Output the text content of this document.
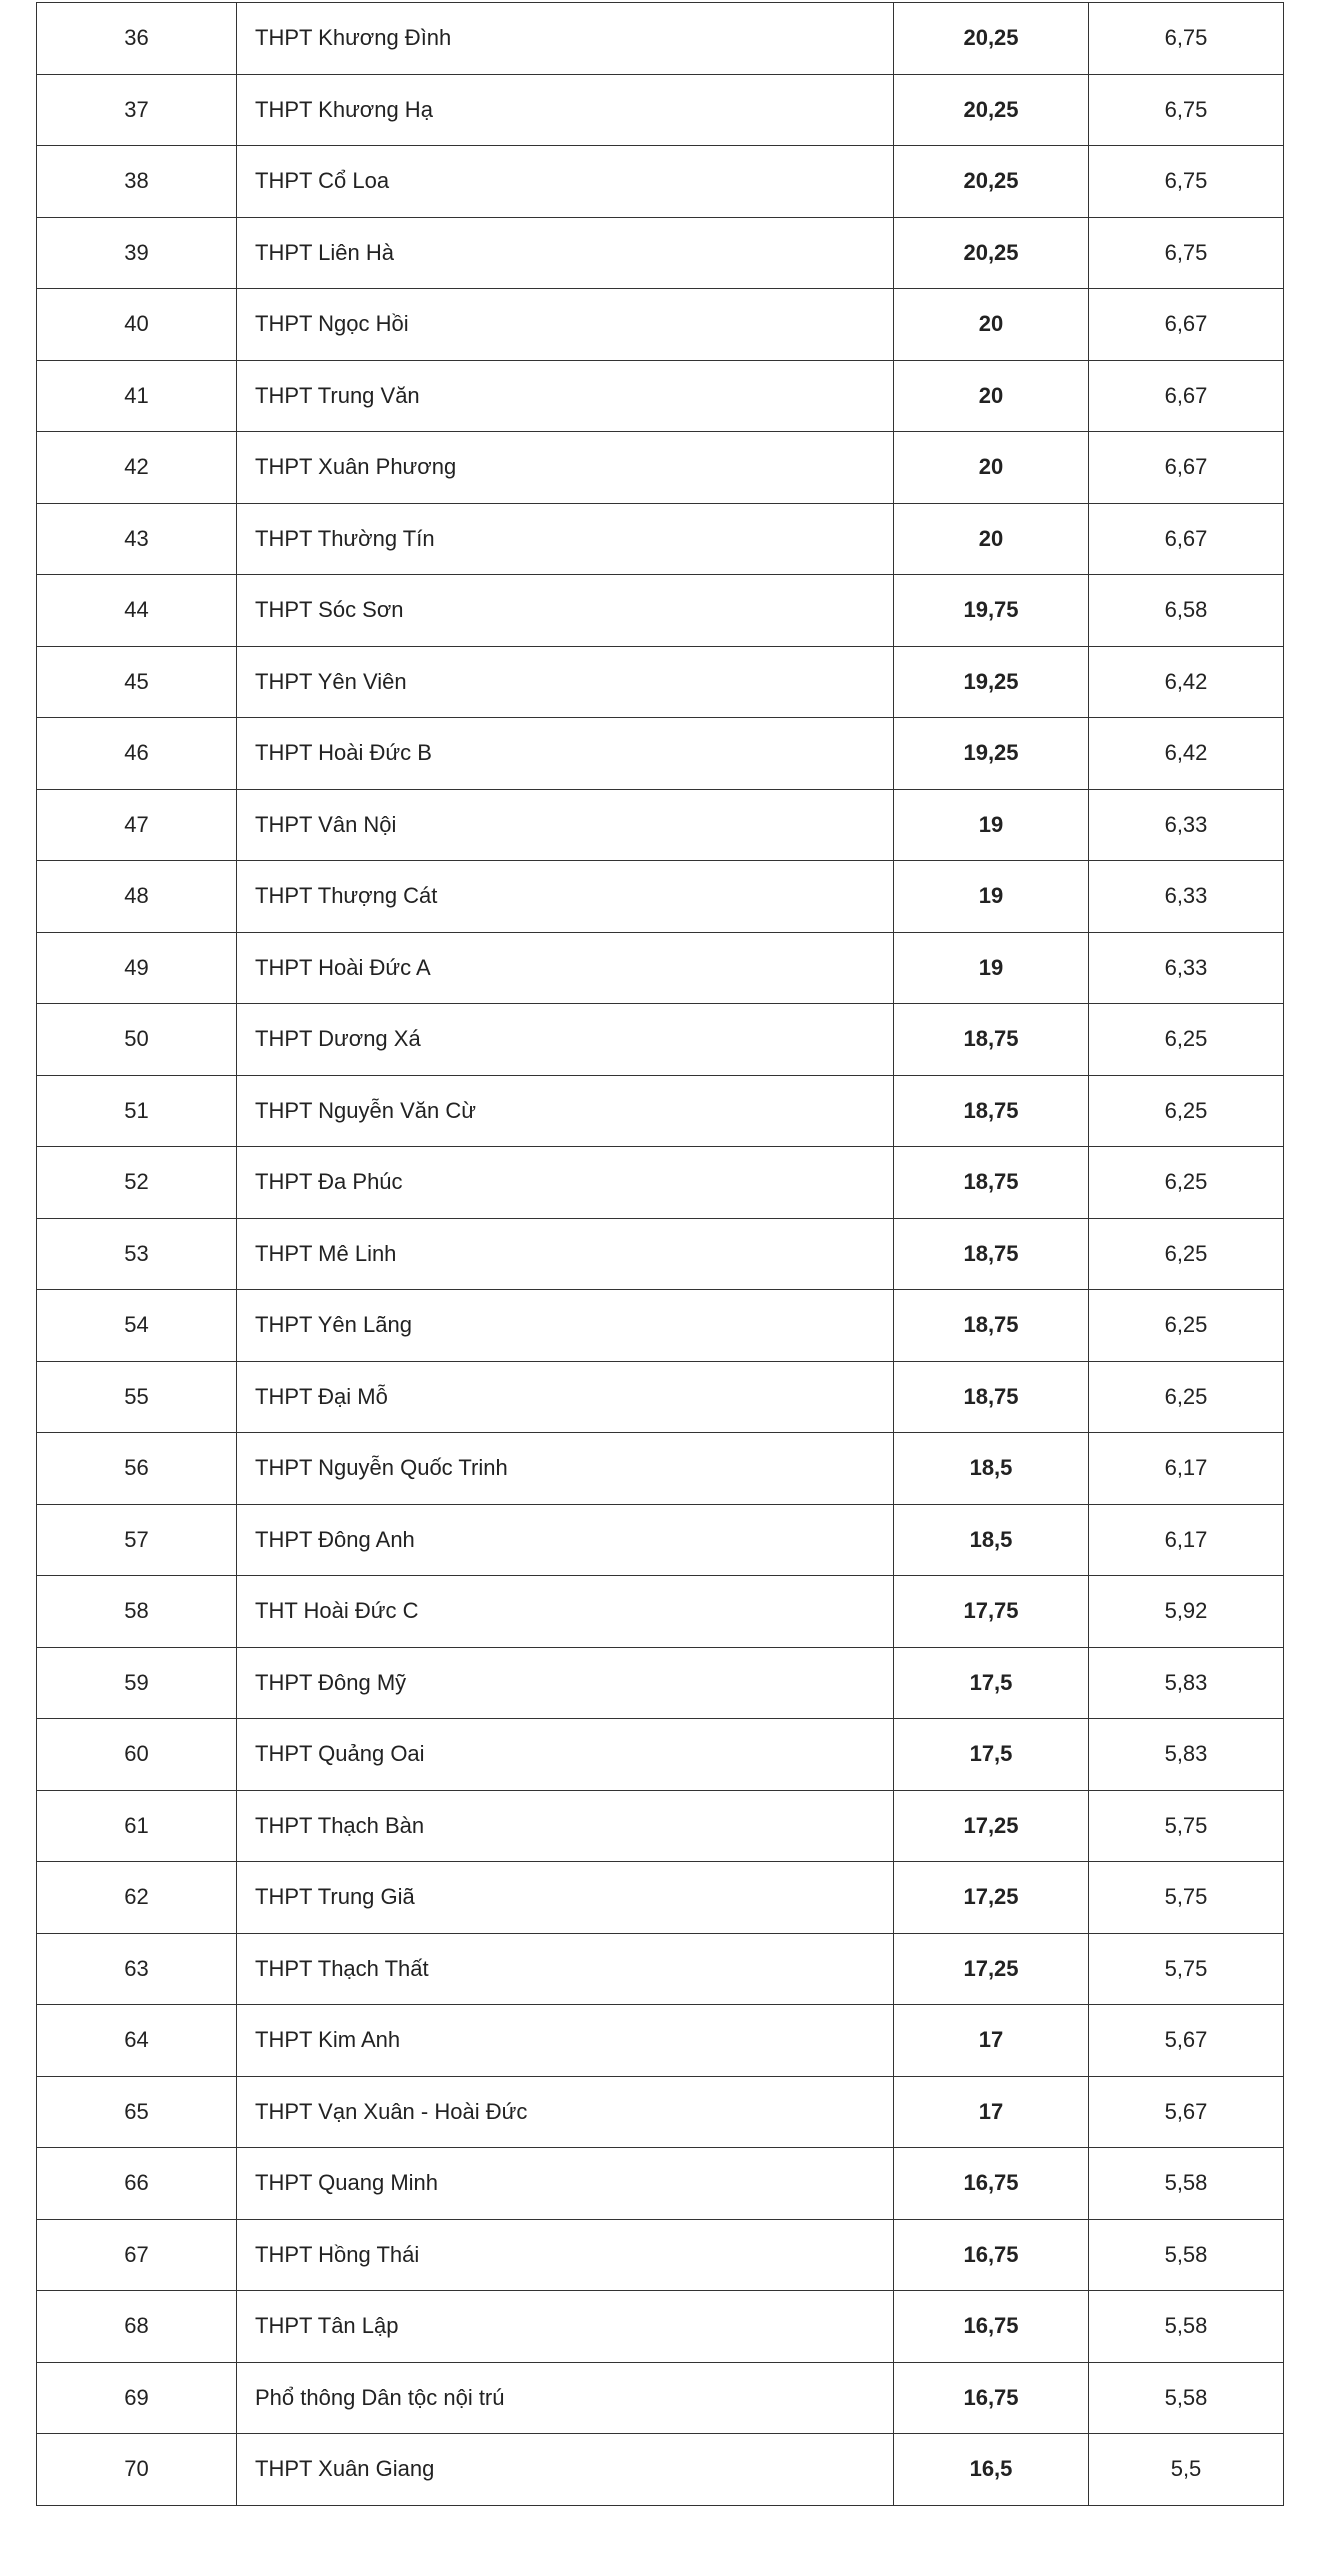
36	THPT Khương Đình	20,25	6,75
37	THPT Khương Hạ	20,25	6,75
38	THPT Cổ Loa	20,25	6,75
39	THPT Liên Hà	20,25	6,75
40	THPT Ngọc Hồi	20	6,67
41	THPT Trung Văn	20	6,67
42	THPT Xuân Phương	20	6,67
43	THPT Thường Tín	20	6,67
44	THPT Sóc Sơn	19,75	6,58
45	THPT Yên Viên	19,25	6,42
46	THPT Hoài Đức B	19,25	6,42
47	THPT Vân Nội	19	6,33
48	THPT Thượng Cát	19	6,33
49	THPT Hoài Đức A	19	6,33
50	THPT Dương Xá	18,75	6,25
51	THPT Nguyễn Văn Cừ	18,75	6,25
52	THPT Đa Phúc	18,75	6,25
53	THPT Mê Linh	18,75	6,25
54	THPT Yên Lãng	18,75	6,25
55	THPT Đại Mỗ	18,75	6,25
56	THPT Nguyễn Quốc Trinh	18,5	6,17
57	THPT Đông Anh	18,5	6,17
58	THT Hoài Đức C	17,75	5,92
59	THPT Đông Mỹ	17,5	5,83
60	THPT Quảng Oai	17,5	5,83
61	THPT Thạch Bàn	17,25	5,75
62	THPT Trung Giã	17,25	5,75
63	THPT Thạch Thất	17,25	5,75
64	THPT Kim Anh	17	5,67
65	THPT Vạn Xuân - Hoài Đức	17	5,67
66	THPT Quang Minh	16,75	5,58
67	THPT Hồng Thái	16,75	5,58
68	THPT Tân Lập	16,75	5,58
69	Phổ thông Dân tộc nội trú	16,75	5,58
70	THPT Xuân Giang	16,5	5,5
